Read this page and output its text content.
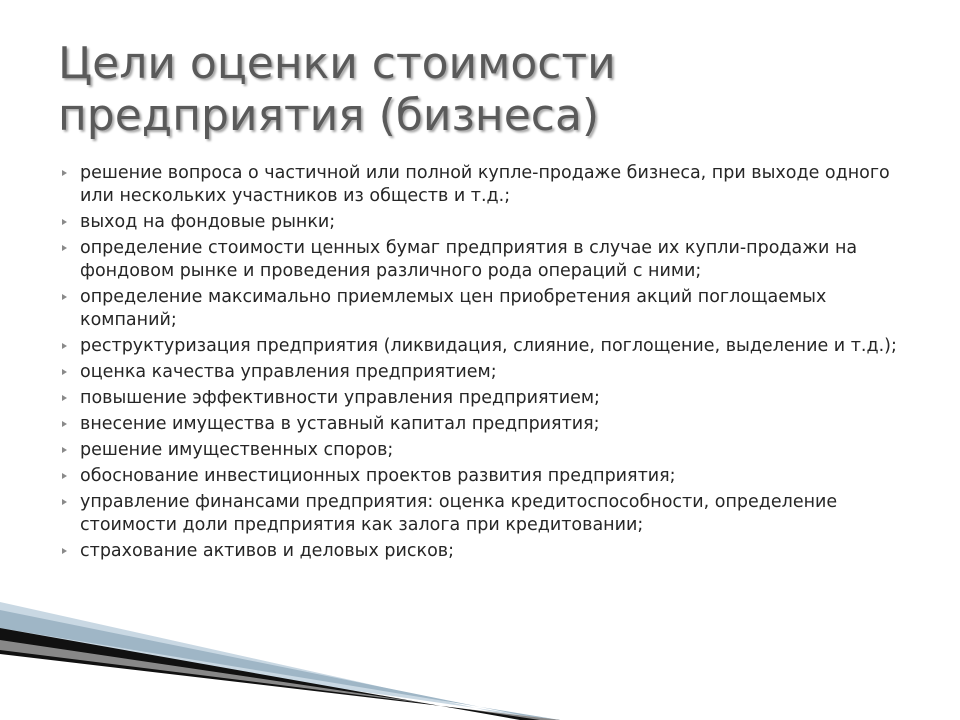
Цели оценки стоимости
предприятия (бизнеса)
решение вопроса о частичной или полной купле-продаже бизнеса, при выходе одного или нескольких участников из обществ и т.д.;
выход на фондовые рынки;
определение стоимости ценных бумаг предприятия в случае их купли-продажи на фондовом рынке и проведения различного рода операций с ними;
определение максимально приемлемых цен приобретения акций поглощаемых компаний;
реструктуризация предприятия (ликвидация, слияние, поглощение, выделение и т.д.);
оценка качества управления предприятием;
повышение эффективности управления предприятием;
внесение имущества в уставный капитал предприятия;
решение имущественных споров;
обоснование инвестиционных проектов развития предприятия;
управление финансами предприятия: оценка кредитоспособности, определение стоимости доли предприятия как залога при кредитовании;
страхование активов и деловых рисков;
